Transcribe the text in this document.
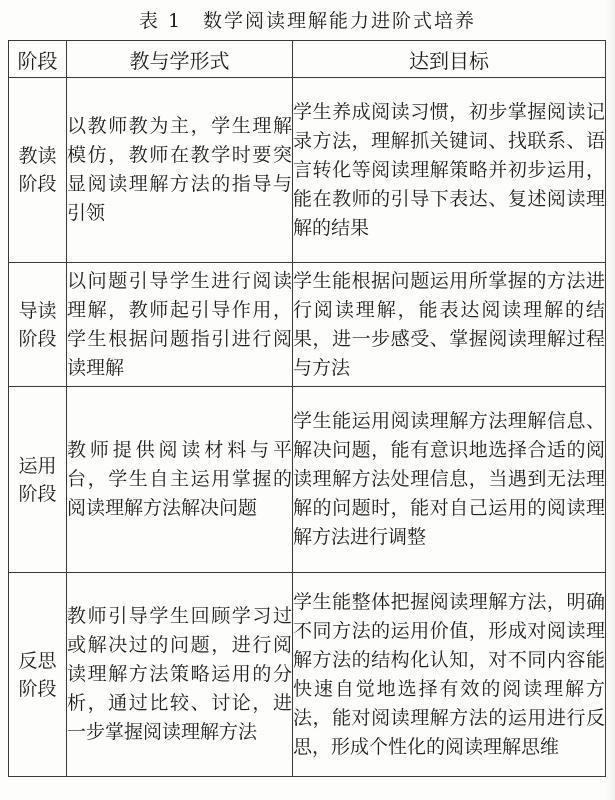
表 1　数学阅读理解能力进阶式培养
阶段	教与学形式	达到目标

教读
阶段	以教师教为主，学生理解模仿，教师在教学时要突显阅读理解方法的指导与引领	学生养成阅读习惯，初步掌握阅读记录方法，理解抓关键词、找联系、语言转化等阅读理解策略并初步运用，能在教师的引导下表达、复述阅读理解的结果

导读
阶段	以问题引导学生进行阅读理解，教师起引导作用，学生根据问题指引进行阅读理解	学生能根据问题运用所掌握的方法进行阅读理解，能表达阅读理解的结果，进一步感受、掌握阅读理解过程与方法

运用
阶段	教师提供阅读材料与平台，学生自主运用掌握的阅读理解方法解决问题	学生能运用阅读理解方法理解信息、解决问题，能有意识地选择合适的阅读理解方法处理信息，当遇到无法理解的问题时，能对自己运用的阅读理解方法进行调整

反思
阶段	教师引导学生回顾学习过或解决过的问题，进行阅读理解方法策略运用的分析，通过比较、讨论，进一步掌握阅读理解方法	学生能整体把握阅读理解方法，明确不同方法的运用价值，形成对阅读理解方法的结构化认知，对不同内容能快速自觉地选择有效的阅读理解方法，能对阅读理解方法的运用进行反思，形成个性化的阅读理解思维
